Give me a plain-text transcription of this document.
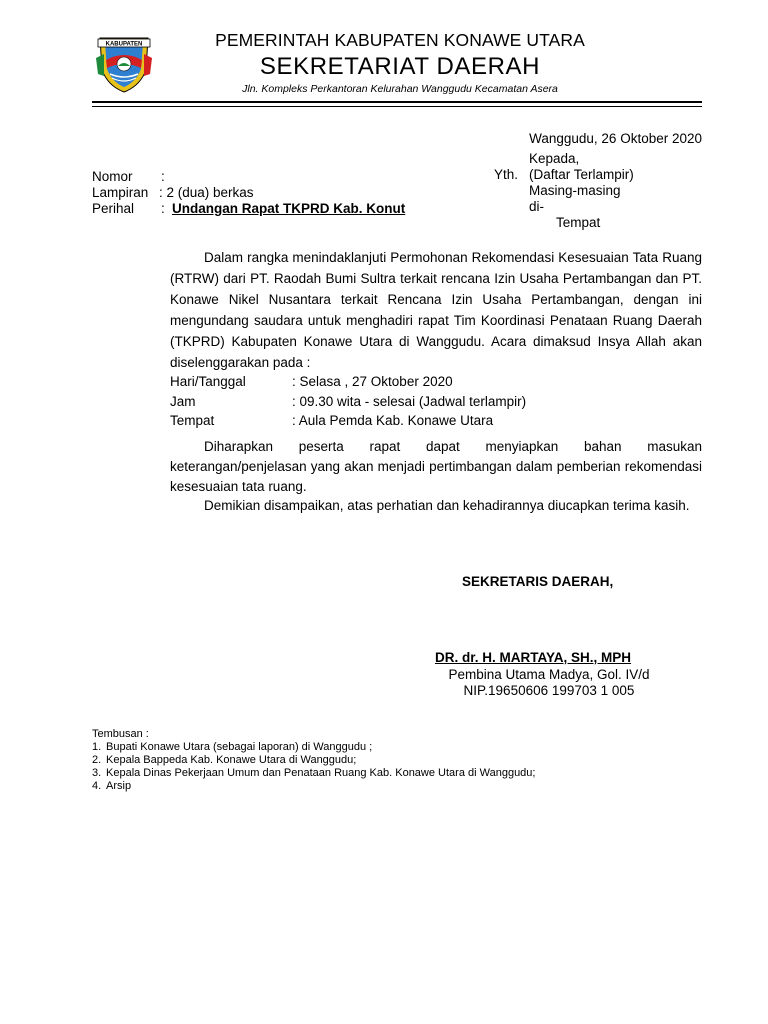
KABUPATEN	PEMERINTAH KABUPATEN KONAWE UTARA
SEKRETARIAT DAERAH
Jln. Kompleks Perkantoran Kelurahan Wanggudu Kecamatan Asera
Wanggudu, 26 Oktober 2020
Kepada,
Yth. (Daftar Terlampir)
Masing-masing
di-
Tempat
Nomor :
Lampiran : 2 (dua) berkas
Perihal : Undangan Rapat TKPRD Kab. Konut
Dalam rangka menindaklanjuti Permohonan Rekomendasi Kesesuaian Tata Ruang (RTRW) dari PT. Raodah Bumi Sultra terkait rencana Izin Usaha Pertambangan dan PT. Konawe Nikel Nusantara terkait Rencana Izin Usaha Pertambangan, dengan ini mengundang saudara untuk menghadiri rapat Tim Koordinasi Penataan Ruang Daerah (TKPRD) Kabupaten Konawe Utara di Wanggudu. Acara dimaksud Insya Allah akan diselenggarakan pada :
Hari/Tanggal	: Selasa , 27 Oktober 2020
Jam	: 09.30 wita - selesai (Jadwal terlampir)
Tempat	: Aula Pemda Kab. Konawe Utara
Diharapkan peserta rapat dapat menyiapkan bahan masukan keterangan/penjelasan yang akan menjadi pertimbangan dalam pemberian rekomendasi kesesuaian tata ruang.
Demikian disampaikan, atas perhatian dan kehadirannya diucapkan terima kasih.
SEKRETARIS DAERAH,
DR. dr. H. MARTAYA, SH., MPH
Pembina Utama Madya, Gol. IV/d
NIP.19650606 199703 1 005
Tembusan :
1. Bupati Konawe Utara (sebagai laporan) di Wanggudu ;
2. Kepala Bappeda Kab. Konawe Utara di Wanggudu;
3. Kepala Dinas Pekerjaan Umum dan Penataan Ruang Kab. Konawe Utara di Wanggudu;
4. Arsip
